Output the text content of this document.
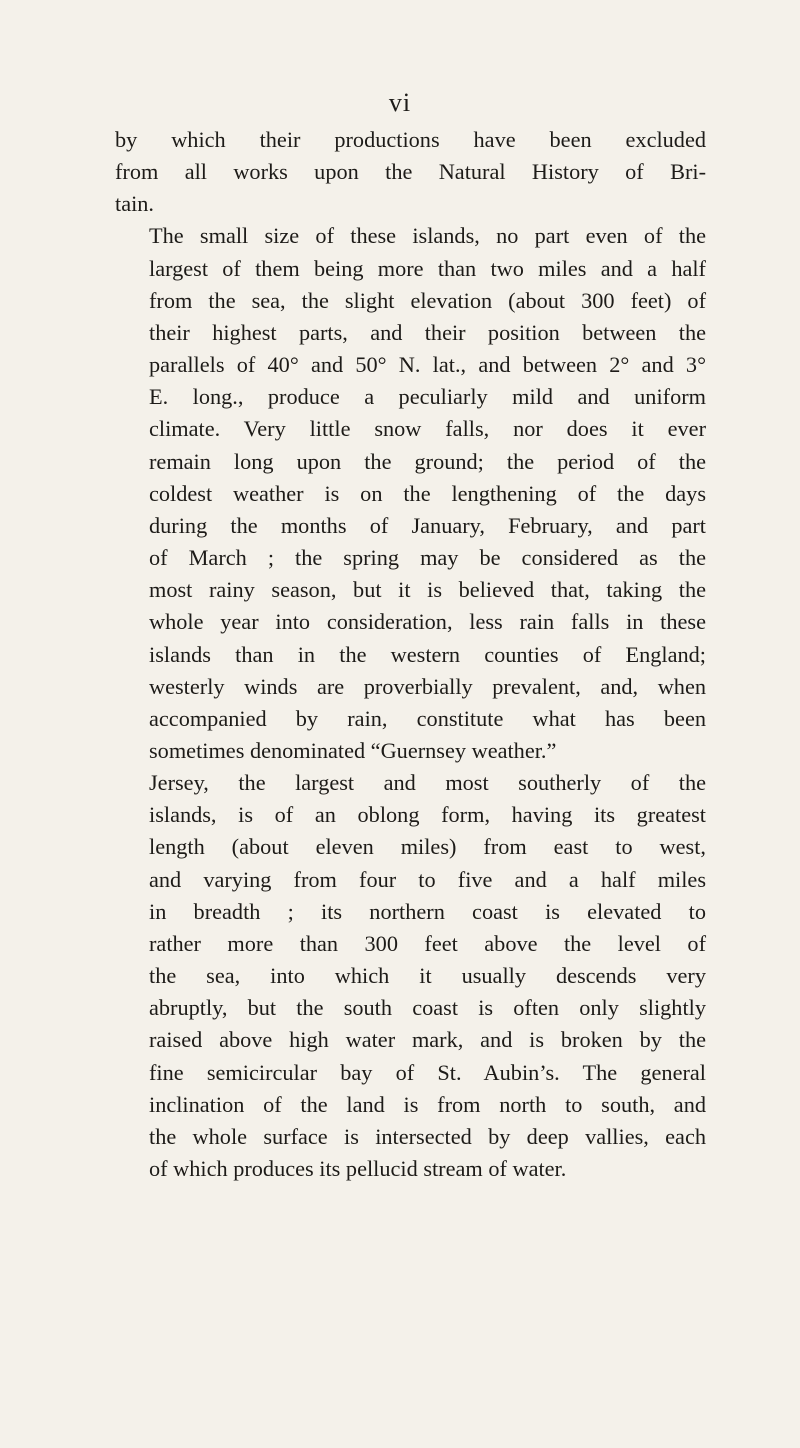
vi

by which their productions have been excluded
from all works upon the Natural History of Bri-
tain.

The small size of these islands, no part even of the
largest of them being more than two miles and a half
from the sea, the slight elevation (about 300 feet) of
their highest parts, and their position between the
parallels of 40° and 50° N. lat., and between 2° and 3°
E. long., produce a peculiarly mild and uniform
climate. Very little snow falls, nor does it ever
remain long upon the ground; the period of the
coldest weather is on the lengthening of the days
during the months of January, February, and part
of March ; the spring may be considered as the
most rainy season, but it is believed that, taking the
whole year into consideration, less rain falls in these
islands than in the western counties of England;
westerly winds are proverbially prevalent, and, when
accompanied by rain, constitute what has been
sometimes denominated “Guernsey weather.”

Jersey, the largest and most southerly of the
islands, is of an oblong form, having its greatest
length (about eleven miles) from east to west,
and varying from four to five and a half miles
in breadth ; its northern coast is elevated to
rather more than 300 feet above the level of
the sea, into which it usually descends very
abruptly, but the south coast is often only slightly
raised above high water mark, and is broken by the
fine semicircular bay of St. Aubin’s. The general
inclination of the land is from north to south, and
the whole surface is intersected by deep vallies, each
of which produces its pellucid stream of water.
